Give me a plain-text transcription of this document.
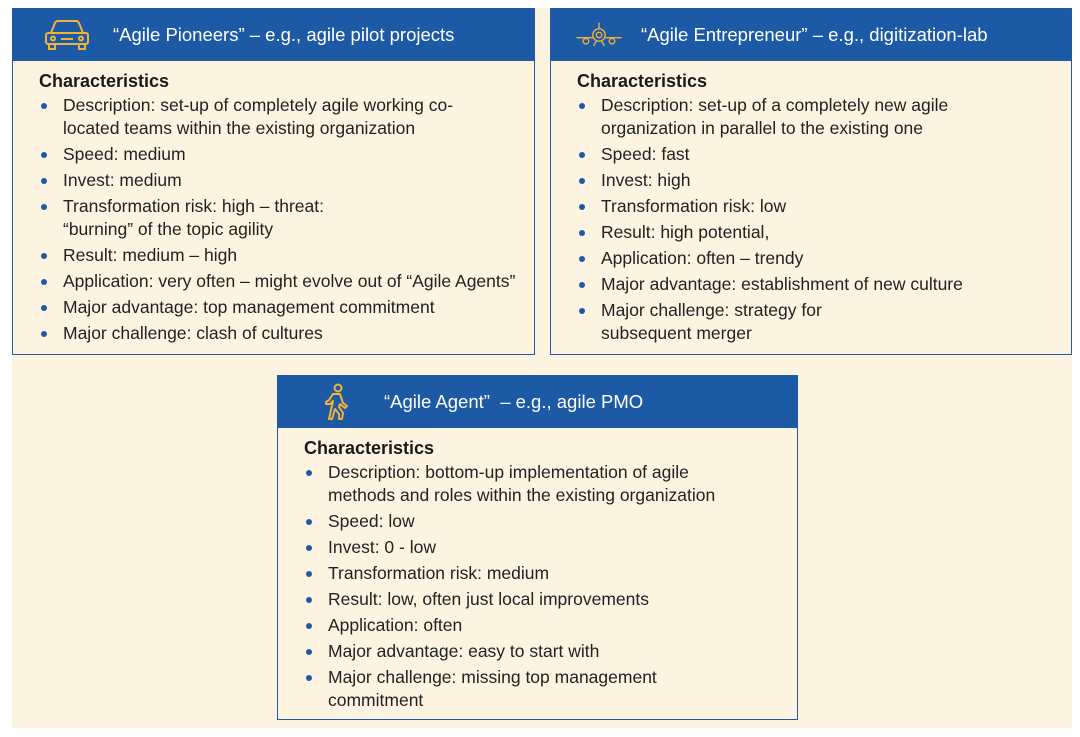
“Agile Pioneers” – e.g., agile pilot projects
Characteristics
Description: set-up of completely agile working co-located teams within the existing organization
Speed: medium
Invest: medium
Transformation risk: high – threat: “burning” of the topic agility
Result: medium – high
Application: very often – might evolve out of “Agile Agents”
Major advantage: top management commitment
Major challenge: clash of cultures
“Agile Entrepreneur” – e.g., digitization-lab
Characteristics
Description: set-up of a completely new agile organization in parallel to the existing one
Speed: fast
Invest: high
Transformation risk: low
Result: high potential,
Application: often – trendy
Major advantage: establishment of new culture
Major challenge: strategy for subsequent merger
“Agile Agent”  – e.g., agile PMO
Characteristics
Description: bottom-up implementation of agile methods and roles within the existing organization
Speed: low
Invest: 0 - low
Transformation risk: medium
Result: low, often just local improvements
Application: often
Major advantage: easy to start with
Major challenge: missing top management commitment
